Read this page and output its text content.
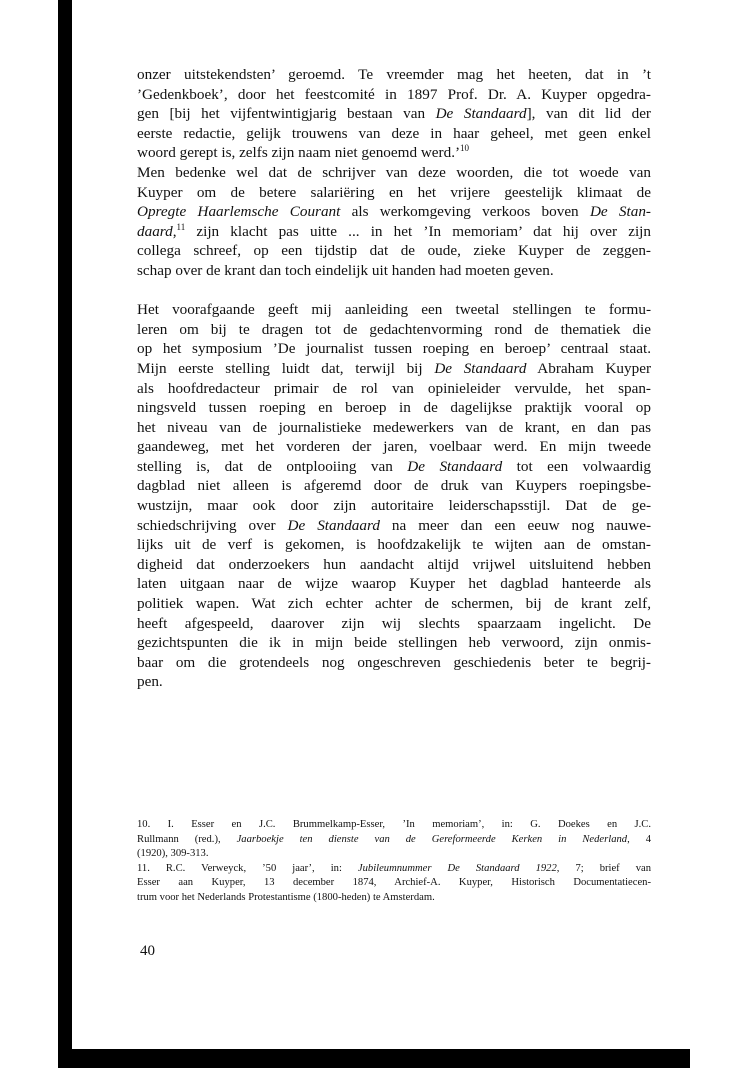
onzer uitstekendsten’ geroemd. Te vreemder mag het heeten, dat in ’t
’Gedenkboek’, door het feestcomité in 1897 Prof. Dr. A. Kuyper opgedra-
gen [bij het vijfentwintigjarig bestaan van De Standaard], van dit lid der
eerste redactie, gelijk trouwens van deze in haar geheel, met geen enkel
woord gerept is, zelfs zijn naam niet genoemd werd.’$^{10}$

Men bedenke wel dat de schrijver van deze woorden, die tot woede van
Kuyper om de betere salariëring en het vrijere geestelijk klimaat de
Opregte Haarlemsche Courant als werkomgeving verkoos boven De Stan-
daard,$^{11}$ zijn klacht pas uitte ... in het ’In memoriam’ dat hij over zijn
collega schreef, op een tijdstip dat de oude, zieke Kuyper de zeggen-
schap over de krant dan toch eindelijk uit handen had moeten geven.

Het voorafgaande geeft mij aanleiding een tweetal stellingen te formu-
leren om bij te dragen tot de gedachtenvorming rond de thematiek die
op het symposium ’De journalist tussen roeping en beroep’ centraal staat.
Mijn eerste stelling luidt dat, terwijl bij De Standaard Abraham Kuyper
als hoofdredacteur primair de rol van opinieleider vervulde, het span-
ningsveld tussen roeping en beroep in de dagelijkse praktijk vooral op
het niveau van de journalistieke medewerkers van de krant, en dan pas
gaandeweg, met het vorderen der jaren, voelbaar werd. En mijn tweede
stelling is, dat de ontplooiing van De Standaard tot een volwaardig
dagblad niet alleen is afgeremd door de druk van Kuypers roepingsbe-
wustzijn, maar ook door zijn autoritaire leiderschapsstijl. Dat de ge-
schiedschrijving over De Standaard na meer dan een eeuw nog nauwe-
lijks uit de verf is gekomen, is hoofdzakelijk te wijten aan de omstan-
digheid dat onderzoekers hun aandacht altijd vrijwel uitsluitend hebben
laten uitgaan naar de wijze waarop Kuyper het dagblad hanteerde als
politiek wapen. Wat zich echter achter de schermen, bij de krant zelf,
heeft afgespeeld, daarover zijn wij slechts spaarzaam ingelicht. De
gezichtspunten die ik in mijn beide stellingen heb verwoord, zijn onmis-
baar om die grotendeels nog ongeschreven geschiedenis beter te begrij-
pen.

10. I. Esser en J.C. Brummelkamp-Esser, ’In memoriam’, in: G. Doekes en J.C.
Rullmann (red.), Jaarboekje ten dienste van de Gereformeerde Kerken in Nederland, 4
(1920), 309-313.
11. R.C. Verweyck, ’50 jaar’, in: Jubileumnummer De Standaard 1922, 7; brief van
Esser aan Kuyper, 13 december 1874, Archief-A. Kuyper, Historisch Documentatiecen-
trum voor het Nederlands Protestantisme (1800-heden) te Amsterdam.
40
